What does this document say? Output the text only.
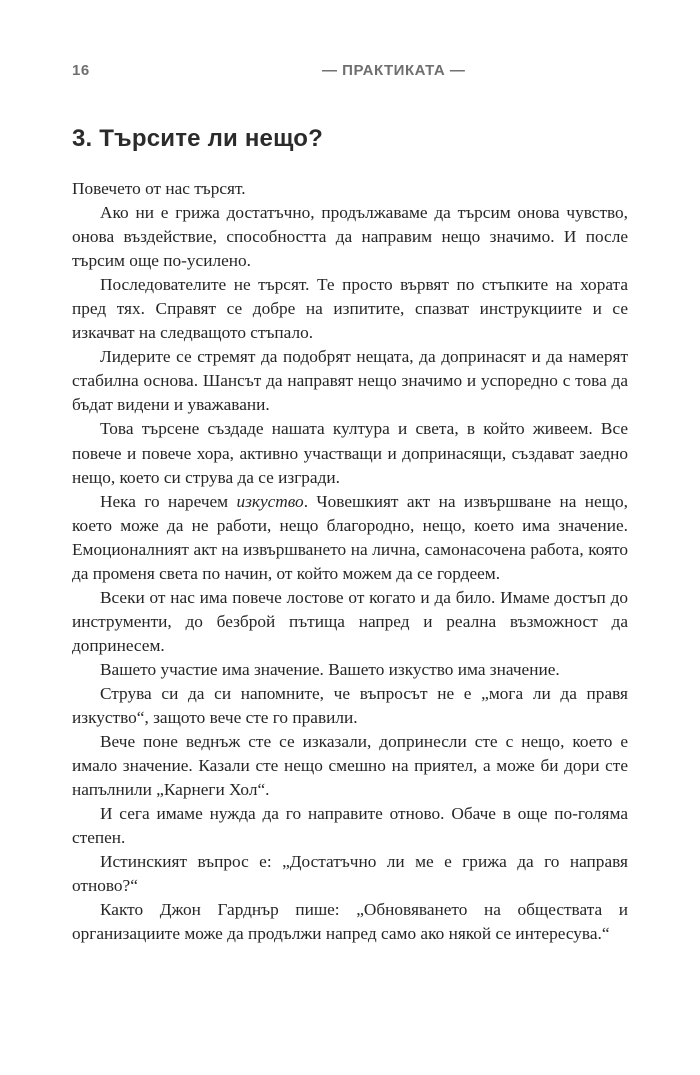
16	— ПРАКТИКАТА —
3. Търсите ли нещо?

Повечето от нас търсят.

Ако ни е грижа достатъчно, продължаваме да търсим онова чувство, онова въздействие, способността да направим нещо значимо. И после търсим още по-усилено.

Последователите не търсят. Те просто вървят по стъпките на хората пред тях. Справят се добре на изпитите, спазват инструкциите и се изкачват на следващото стъпало.

Лидерите се стремят да подобрят нещата, да допринасят и да намерят стабилна основа. Шансът да направят нещо значимо и успоредно с това да бъдат видени и уважавани.

Това търсене създаде нашата култура и света, в който живеем. Все повече и повече хора, активно участващи и допринасящи, създават заедно нещо, което си струва да се изгради.

Нека го наречем изкуство. Човешкият акт на извършване на нещо, което може да не работи, нещо благородно, нещо, което има значение. Емоционалният акт на извършването на лична, самонасочена работа, която да променя света по начин, от който можем да се гордеем.

Всеки от нас има повече лостове от когато и да било. Имаме достъп до инструменти, до безброй пътища напред и реална възможност да допринесем.

Вашето участие има значение. Вашето изкуство има значение.

Струва си да си напомните, че въпросът не е „мога ли да правя изкуство“, защото вече сте го правили.

Вече поне веднъж сте се изказали, допринесли сте с нещо, което е имало значение. Казали сте нещо смешно на приятел, а може би дори сте напълнили „Карнеги Хол“.

И сега имаме нужда да го направите отново. Обаче в още по-голяма степен.

Истинският въпрос е: „Достатъчно ли ме е грижа да го направя отново?“

Както Джон Гарднър пише: „Обновяването на обществата и организациите може да продължи напред само ако някой се интересува.“
